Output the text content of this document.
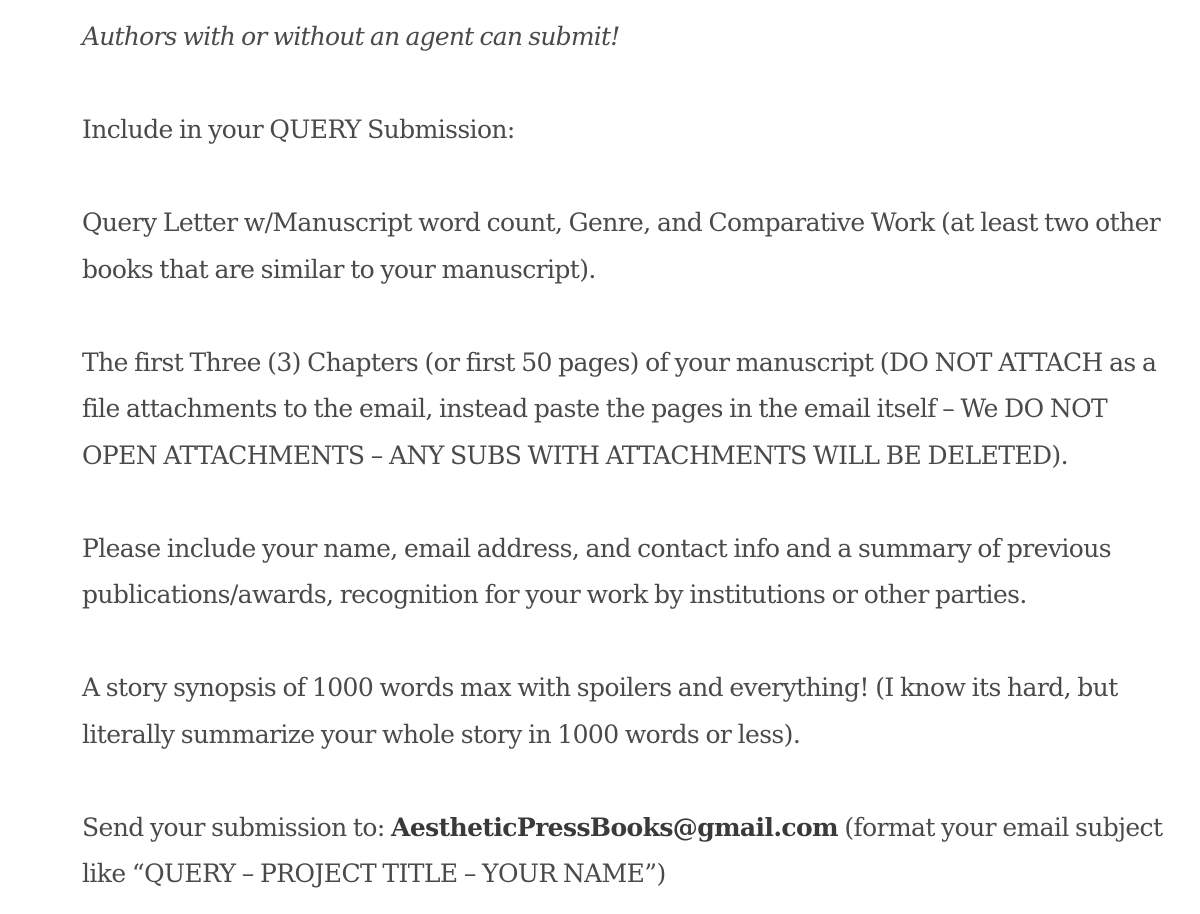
Authors with or without an agent can submit!

Include in your QUERY Submission:

Query Letter w/Manuscript word count, Genre, and Comparative Work (at least two other books that are similar to your manuscript).

The first Three (3) Chapters (or first 50 pages) of your manuscript (DO NOT ATTACH as a file attachments to the email, instead paste the pages in the email itself – We DO NOT OPEN ATTACHMENTS – ANY SUBS WITH ATTACHMENTS WILL BE DELETED).

Please include your name, email address, and contact info and a summary of previous publications/awards, recognition for your work by institutions or other parties.

A story synopsis of 1000 words max with spoilers and everything! (I know its hard, but literally summarize your whole story in 1000 words or less).

Send your submission to: AestheticPressBooks@gmail.com (format your email subject like “QUERY – PROJECT TITLE – YOUR NAME”)
